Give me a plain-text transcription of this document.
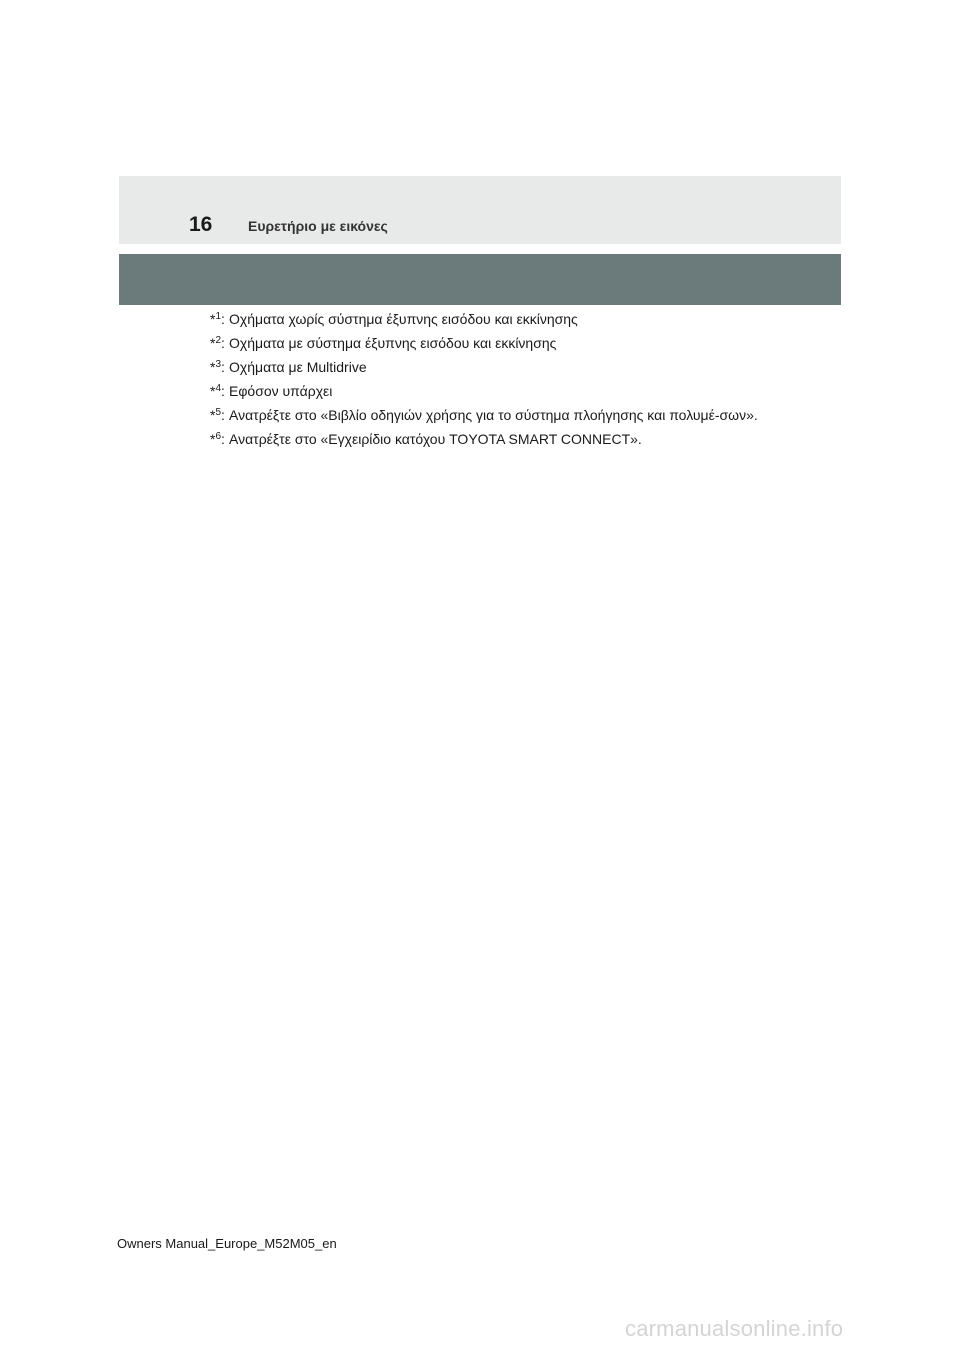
16	Ευρετήριο με εικόνες
*$^1$: Οχήματα χωρίς σύστημα έξυπνης εισόδου και εκκίνησης
*$^2$: Οχήματα με σύστημα έξυπνης εισόδου και εκκίνησης
*$^3$: Οχήματα με Multidrive
*$^4$: Εφόσον υπάρχει
*$^5$: Ανατρέξτε στο «Βιβλίο οδηγιών χρήσης για το σύστημα πλοήγησης και πολυμέ-σων».
*$^6$: Ανατρέξτε στο «Εγχειρίδιο κατόχου TOYOTA SMART CONNECT».
Owners Manual_Europe_M52M05_en
carmanualsonline.info
